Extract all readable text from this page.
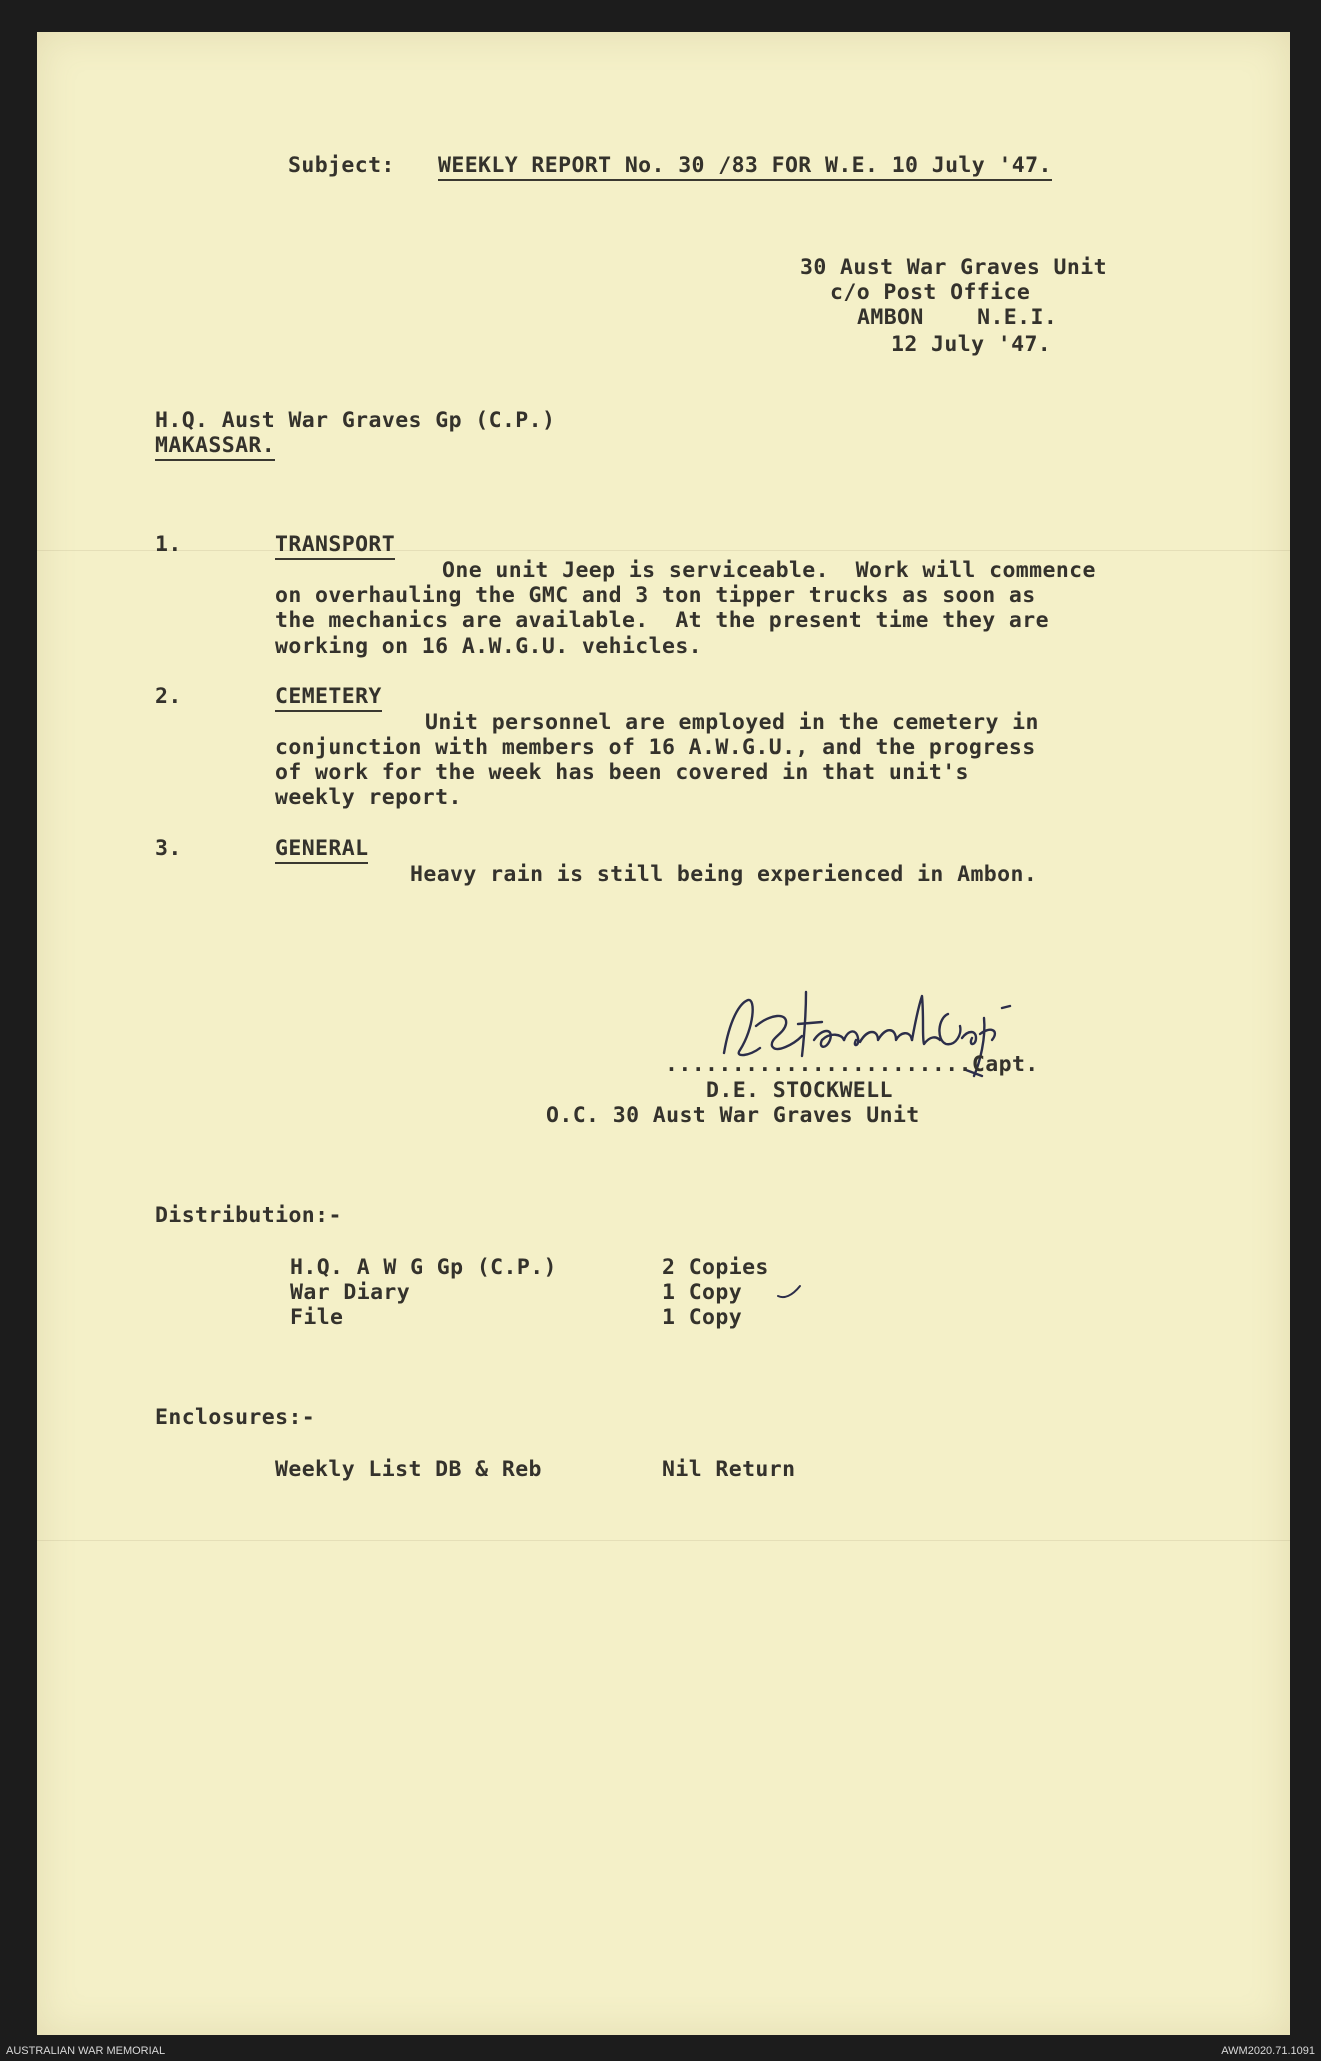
Subject: WEEKLY REPORT No. 30 /83 FOR W.E. 10 July '47.
30 Aust War Graves Unit
c/o Post Office
AMBON    N.E.I.
12 July '47.
H.Q. Aust War Graves Gp (C.P.)
MAKASSAR.
1.	TRANSPORT
One unit Jeep is serviceable.  Work will commence
on overhauling the GMC and 3 ton tipper trucks as soon as
the mechanics are available.  At the present time they are
working on 16 A.W.G.U. vehicles.
2.	CEMETERY
Unit personnel are employed in the cemetery in
conjunction with members of 16 A.W.G.U., and the progress
of work for the week has been covered in that unit's
weekly report.
3.	GENERAL
Heavy rain is still being experienced in Ambon.
.......................Capt.
D.E. STOCKWELL
O.C. 30 Aust War Graves Unit
Distribution:-
H.Q. A W G Gp (C.P.)	2 Copies
War Diary	1 Copy
File	1 Copy
Enclosures:-
Weekly List DB & Reb	Nil Return
AUSTRALIAN WAR MEMORIAL	AWM2020.71.1091
